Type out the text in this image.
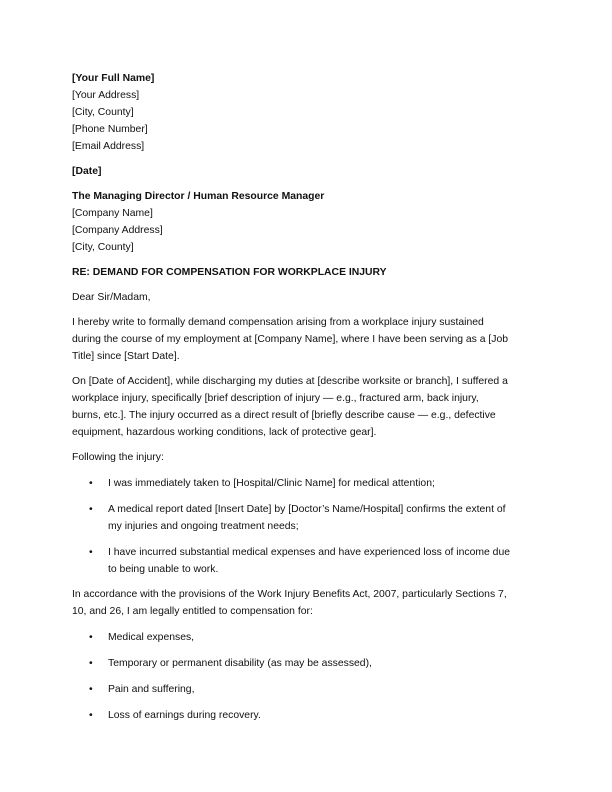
[Your Full Name]
[Your Address]
[City, County]
[Phone Number]
[Email Address]
[Date]
The Managing Director / Human Resource Manager
[Company Name]
[Company Address]
[City, County]
RE: DEMAND FOR COMPENSATION FOR WORKPLACE INJURY
Dear Sir/Madam,

I hereby write to formally demand compensation arising from a workplace injury sustained
during the course of my employment at [Company Name], where I have been serving as a [Job
Title] since [Start Date].

On [Date of Accident], while discharging my duties at [describe worksite or branch], I suffered a
workplace injury, specifically [brief description of injury — e.g., fractured arm, back injury,
burns, etc.]. The injury occurred as a direct result of [briefly describe cause — e.g., defective
equipment, hazardous working conditions, lack of protective gear].

Following the injury:

• I was immediately taken to [Hospital/Clinic Name] for medical attention;
• A medical report dated [Insert Date] by [Doctor’s Name/Hospital] confirms the extent of
my injuries and ongoing treatment needs;
• I have incurred substantial medical expenses and have experienced loss of income due
to being unable to work.

In accordance with the provisions of the Work Injury Benefits Act, 2007, particularly Sections 7,
10, and 26, I am legally entitled to compensation for:

• Medical expenses,
• Temporary or permanent disability (as may be assessed),
• Pain and suffering,
• Loss of earnings during recovery.
